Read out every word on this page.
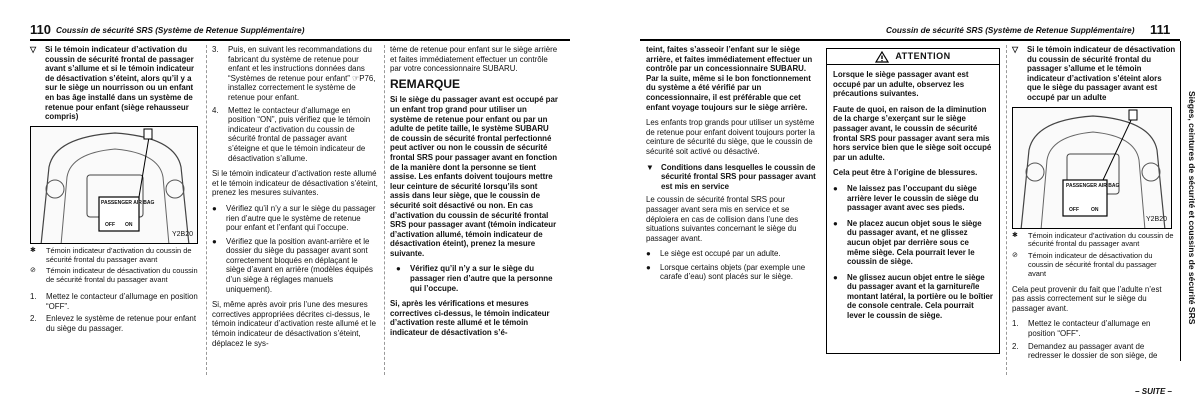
110 Coussin de sécurité SRS (Système de Retenue Supplémentaire)	Coussin de sécurité SRS (Système de Retenue Supplémentaire) 111
Sièges, ceintures de sécurité et coussins de sécurité SRS
▽	Si le témoin indicateur d’activation du coussin de sécurité frontal de passager avant s’allume et si le témoin indicateur de désactivation s’éteint, alors qu’il y a sur le siège un nourrisson ou un enfant en bas âge installé dans un système de retenue pour enfant (siège rehausseur compris)
PASSENGER AIR BAG
OFF ON
Y2B20
✱	Témoin indicateur d’activation du coussin de sécurité frontal du passager avant
⊘	Témoin indicateur de désactivation du coussin de sécurité frontal du passager avant
1.	Mettez le contacteur d’allumage en position “OFF”.
2.	Enlevez le système de retenue pour enfant du siège du passager.
3.	Puis, en suivant les recommandations du fabricant du système de retenue pour enfant et les instructions données dans “Systèmes de retenue pour enfant” ☞P76, installez correctement le système de retenue pour enfant.
4.	Mettez le contacteur d’allumage en position “ON”, puis vérifiez que le témoin indicateur d’activation du coussin de sécurité frontal de passager avant s’éteigne et que le témoin indicateur de désactivation s’allume.

Si le témoin indicateur d’activation reste allumé et le témoin indicateur de désactivation s’éteint, prenez les mesures suivantes.

●	Vérifiez qu’il n’y a sur le siège du passager rien d’autre que le système de retenue pour enfant et l’enfant qui l’occupe.
●	Vérifiez que la position avant-arrière et le dossier du siège du passager avant sont correctement bloqués en déplaçant le siège d’avant en arrière (modèles équipés d’un siège à réglages manuels uniquement).

Si, même après avoir pris l’une des mesures correctives appropriées décrites ci-dessus, le témoin indicateur d’activation reste allumé et le témoin indicateur de désactivation s’éteint, déplacez le sys-

tème de retenue pour enfant sur le siège arrière et faites immédiatement effectuer un contrôle par votre concessionnaire SUBARU.

REMARQUE

Si le siège du passager avant est occupé par un enfant trop grand pour utiliser un système de retenue pour enfant ou par un adulte de petite taille, le système SUBARU de coussin de sécurité frontal perfectionné peut activer ou non le coussin de sécurité frontal SRS pour passager avant en fonction de la manière dont la personne se tient assise. Les enfants doivent toujours mettre leur ceinture de sécurité lorsqu’ils sont assis dans leur siège, que le coussin de sécurité soit désactivé ou non. En cas d’activation du coussin de sécurité frontal SRS pour passager avant (témoin indicateur d’activation allumé, témoin indicateur de désactivation éteint), prenez la mesure suivante.

●	Vérifiez qu’il n’y a sur le siège du passager rien d’autre que la personne qui l’occupe.

Si, après les vérifications et mesures correctives ci-dessus, le témoin indicateur d’activation reste allumé et le témoin indicateur de désactivation s’é-

teint, faites s’asseoir l’enfant sur le siège arrière, et faites immédiatement effectuer un contrôle par un concessionnaire SUBARU. Par la suite, même si le bon fonctionnement du système a été vérifié par un concessionnaire, il est préférable que cet enfant voyage toujours sur le siège arrière.

Les enfants trop grands pour utiliser un système de retenue pour enfant doivent toujours porter la ceinture de sécurité du siège, que le coussin de sécurité soit activé ou désactivé.

▼ Conditions dans lesquelles le coussin de sécurité frontal SRS pour passager avant est mis en service

Le coussin de sécurité frontal SRS pour passager avant sera mis en service et se déploiera en cas de collision dans l’une des situations suivantes concernant le siège du passager avant.

●	Le siège est occupé par un adulte.
●	Lorsque certains objets (par exemple une carafe d’eau) sont placés sur le siège.
ATTENTION

Lorsque le siège passager avant est occupé par un adulte, observez les précautions suivantes.

Faute de quoi, en raison de la diminution de la charge s’exerçant sur le siège passager avant, le coussin de sécurité frontal SRS pour passager avant sera mis hors service bien que le siège soit occupé par un adulte.

Cela peut être à l’origine de blessures.

●	Ne laissez pas l’occupant du siège arrière lever le coussin de siège du passager avant avec ses pieds.
●	Ne placez aucun objet sous le siège du passager avant, et ne glissez aucun objet par derrière sous ce même siège. Cela pourrait lever le coussin de siège.
●	Ne glissez aucun objet entre le siège du passager avant et la garniture/le montant latéral, la portière ou le boîtier de console centrale. Cela pourrait lever le coussin de siège.
▽	Si le témoin indicateur de désactivation du coussin de sécurité frontal du passager s’allume et le témoin indicateur d’activation s’éteint alors que le siège du passager avant est occupé par un adulte
PASSENGER AIR BAG
OFF ON
Y2B20
✱	Témoin indicateur d’activation du coussin de sécurité frontal du passager avant
⊘	Témoin indicateur de désactivation du coussin de sécurité frontal du passager avant

Cela peut provenir du fait que l’adulte n’est pas assis correctement sur le siège du passager avant.

1.	Mettez le contacteur d’allumage en position “OFF”.
2.	Demandez au passager avant de redresser le dossier de son siège, de
– SUITE –
